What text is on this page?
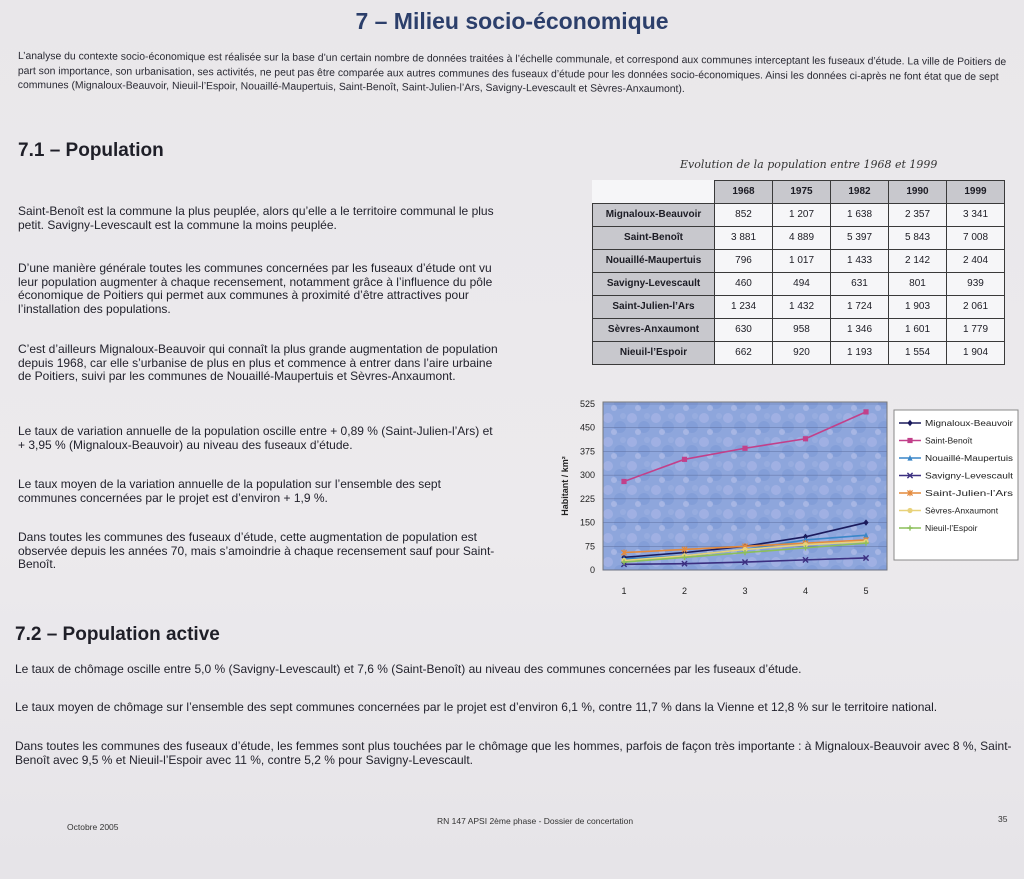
7 – Milieu socio-économique
L’analyse du contexte socio-économique est réalisée sur la base d’un certain nombre de données traitées à l’échelle communale, et correspond aux communes interceptant les fuseaux d’étude. La ville de Poitiers de part son importance, son urbanisation, ses activités, ne peut pas être comparée aux autres communes des fuseaux d’étude pour les données socio-économiques. Ainsi les données ci-après ne font état que de sept communes (Mignaloux-Beauvoir, Nieuil-l’Espoir, Nouaillé-Maupertuis, Saint-Benoît, Saint-Julien-l’Ars, Savigny-Levescault et Sèvres-Anxaumont).
7.1 – Population
Saint-Benoît est la commune la plus peuplée, alors qu’elle a le territoire communal le plus petit. Savigny-Levescault est la commune la moins peuplée.
D’une manière générale toutes les communes concernées par les fuseaux d’étude ont vu leur population augmenter à chaque recensement, notamment grâce à l’influence du pôle économique de Poitiers qui permet aux communes à proximité d’être attractives pour l’installation des populations.
C’est d’ailleurs Mignaloux-Beauvoir qui connaît la plus grande augmentation de population depuis 1968, car elle s’urbanise de plus en plus et commence à entrer dans l’aire urbaine de Poitiers, suivi par les communes de Nouaillé-Maupertuis et Sèvres-Anxaumont.
Le taux de variation annuelle de la population oscille entre + 0,89 % (Saint-Julien-l’Ars) et + 3,95 % (Mignaloux-Beauvoir) au niveau des fuseaux d’étude.
Le taux moyen de la variation annuelle de la population sur l’ensemble des sept communes concernées par le projet est d’environ + 1,9 %.
Dans toutes les communes des fuseaux d’étude, cette augmentation de population est observée depuis les années 70, mais s’amoindrie à chaque recensement sauf pour Saint-Benoît.
Evolution de la population entre 1968 et 1999
	1968	1975	1982	1990	1999
Mignaloux-Beauvoir	852	1 207	1 638	2 357	3 341
Saint-Benoît	3 881	4 889	5 397	5 843	7 008
Nouaillé-Maupertuis	796	1 017	1 433	2 142	2 404
Savigny-Levescault	460	494	631	801	939
Saint-Julien-l’Ars	1 234	1 432	1 724	1 903	2 061
Sèvres-Anxaumont	630	958	1 346	1 601	1 779
Nieuil-l’Espoir	662	920	1 193	1 554	1 904
0
75
150
225
300
375
450
525
1	2	3	4	5
Habitant / km²
Mignaloux-Beauvoir
Saint-Benoît
Nouaillé-Maupertuis
Savigny-Levescault
Saint-Julien-l’Ars
Sèvres-Anxaumont
Nieuil-l’Espoir
7.2 – Population active
Le taux de chômage oscille entre 5,0 % (Savigny-Levescault) et 7,6 % (Saint-Benoît) au niveau des communes concernées par les fuseaux d’étude.
Le taux moyen de chômage sur l’ensemble des sept communes concernées par le projet est d’environ 6,1 %, contre 11,7 % dans la Vienne et 12,8 % sur le territoire national.
Dans toutes les communes des fuseaux d’étude, les femmes sont plus touchées par le chômage que les hommes, parfois de façon très importante : à Mignaloux-Beauvoir avec 8 %, Saint-Benoît avec 9,5 % et Nieuil-l’Espoir avec 11 %, contre 5,2 % pour Savigny-Levescault.
Octobre 2005
RN 147 APSI 2ème phase - Dossier de concertation	35
